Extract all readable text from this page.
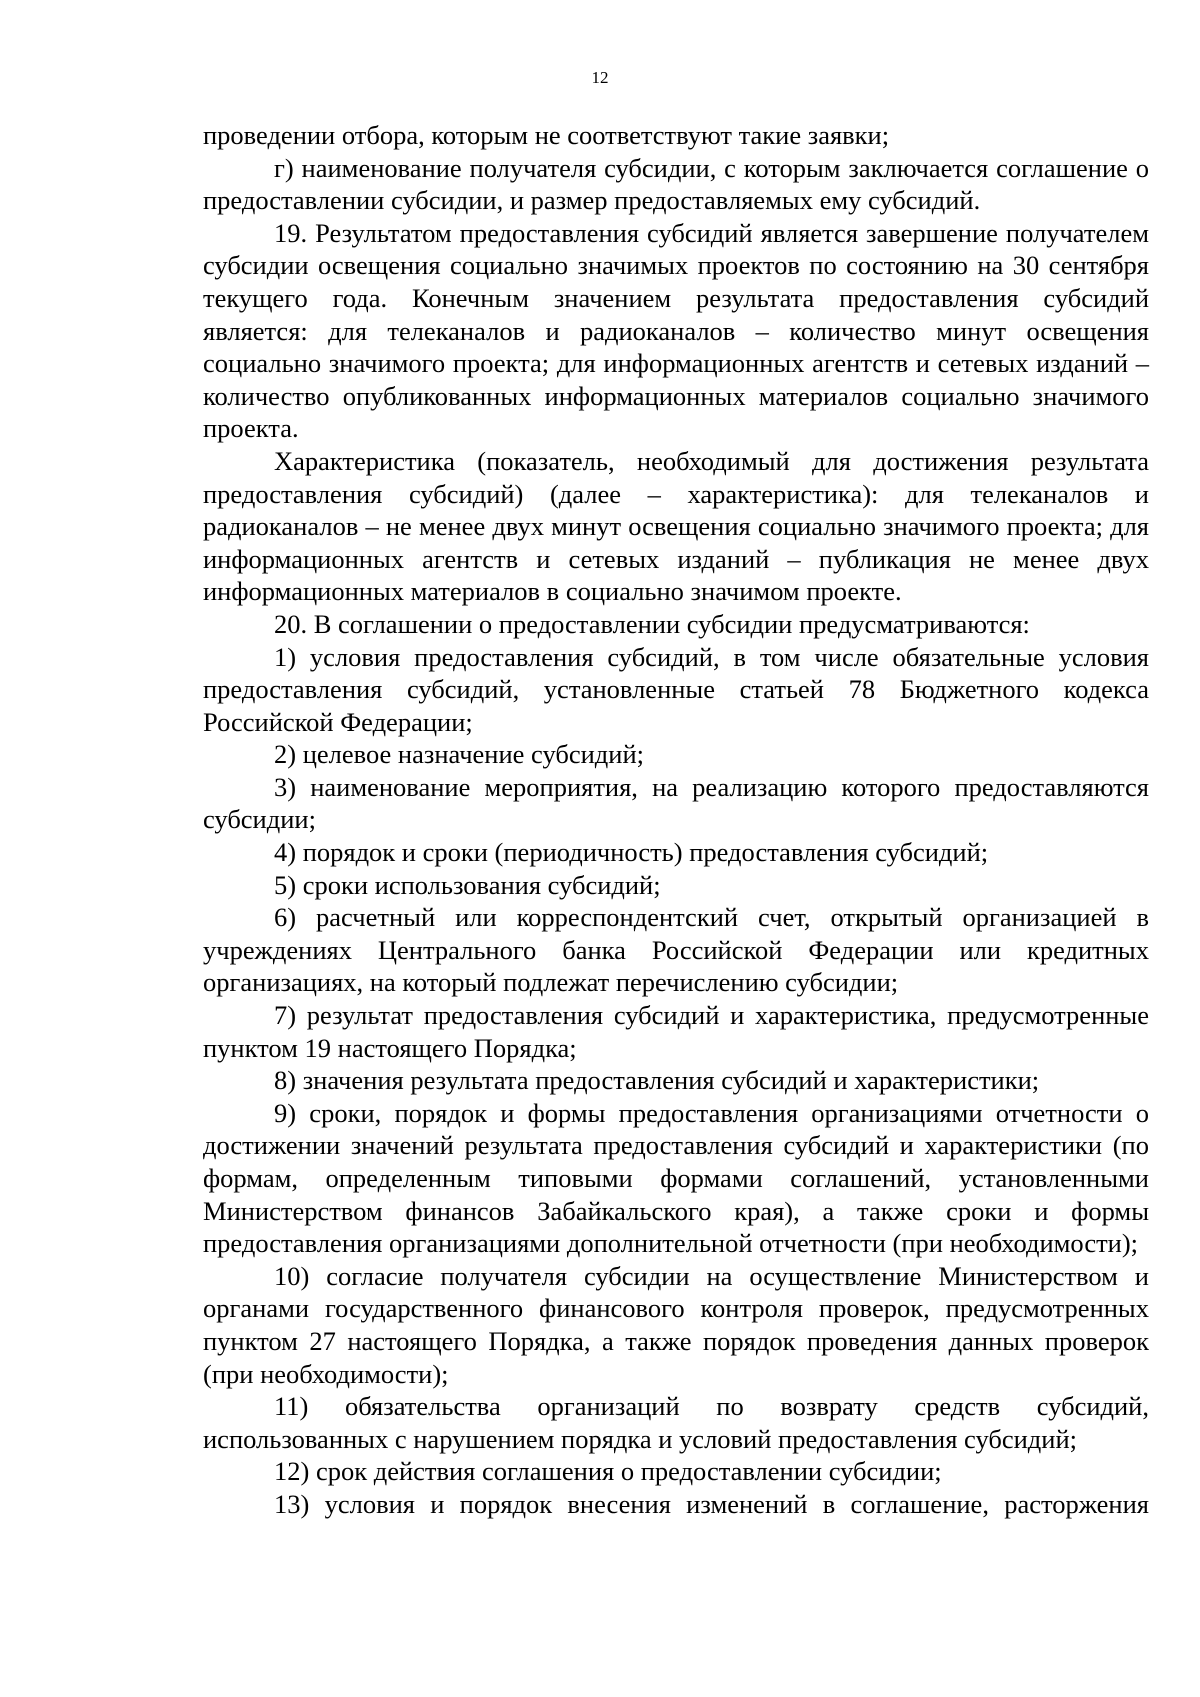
12

проведении отбора, которым не соответствуют такие заявки;

г) наименование получателя субсидии, с которым заключается соглашение о предоставлении субсидии, и размер предоставляемых ему субсидий.

19. Результатом предоставления субсидий является завершение получателем субсидии освещения социально значимых проектов по состоянию на 30 сентября текущего года. Конечным значением результата предоставления субсидий является: для телеканалов и радиоканалов – количество минут освещения социально значимого проекта; для информационных агентств и сетевых изданий – количество опубликованных информационных материалов социально значимого проекта.

Характеристика (показатель, необходимый для достижения результата предоставления субсидий) (далее – характеристика): для телеканалов и радиоканалов – не менее двух минут освещения социально значимого проекта; для информационных агентств и сетевых изданий – публикация не менее двух информационных материалов в социально значимом проекте.

20. В соглашении о предоставлении субсидии предусматриваются:

1) условия предоставления субсидий, в том числе обязательные условия предоставления субсидий, установленные статьей 78 Бюджетного кодекса Российской Федерации;

2) целевое назначение субсидий;

3) наименование мероприятия, на реализацию которого предоставляются субсидии;

4) порядок и сроки (периодичность) предоставления субсидий;

5) сроки использования субсидий;

6) расчетный или корреспондентский счет, открытый организацией в учреждениях Центрального банка Российской Федерации или кредитных организациях, на который подлежат перечислению субсидии;

7) результат предоставления субсидий и характеристика, предусмотренные пунктом 19 настоящего Порядка;

8) значения результата предоставления субсидий и характеристики;

9) сроки, порядок и формы предоставления организациями отчетности о достижении значений результата предоставления субсидий и характеристики (по формам, определенным типовыми формами соглашений, установленными Министерством финансов Забайкальского края), а также сроки и формы предоставления организациями дополнительной отчетности (при необходимости);

10) согласие получателя субсидии на осуществление Министерством и органами государственного финансового контроля проверок, предусмотренных пунктом 27 настоящего Порядка, а также порядок проведения данных проверок (при необходимости);

11) обязательства организаций по возврату средств субсидий, использованных с нарушением порядка и условий предоставления субсидий;

12) срок действия соглашения о предоставлении субсидии;

13) условия и порядок внесения изменений в соглашение, расторжения
